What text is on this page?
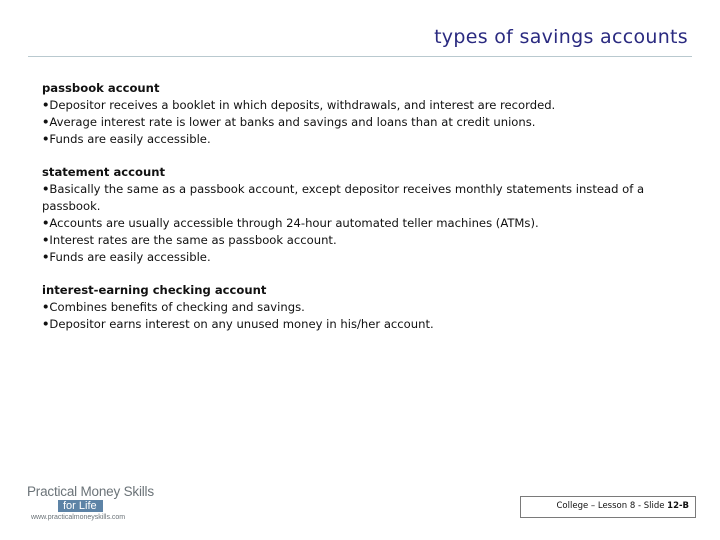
types of savings accounts
passbook account
•Depositor receives a booklet in which deposits, withdrawals, and interest are recorded.
•Average interest rate is lower at banks and savings and loans than at credit unions.
•Funds are easily accessible.
statement account
•Basically the same as a passbook account, except depositor receives monthly statements instead of a passbook.
•Accounts are usually accessible through 24-hour automated teller machines (ATMs).
•Interest rates are the same as passbook account.
•Funds are easily accessible.
interest-earning checking account
•Combines benefits of checking and savings.
•Depositor earns interest on any unused money in his/her account.
Practical Money Skills
for Life
www.practicalmoneyskills.com
College – Lesson 8 - Slide 12-B
